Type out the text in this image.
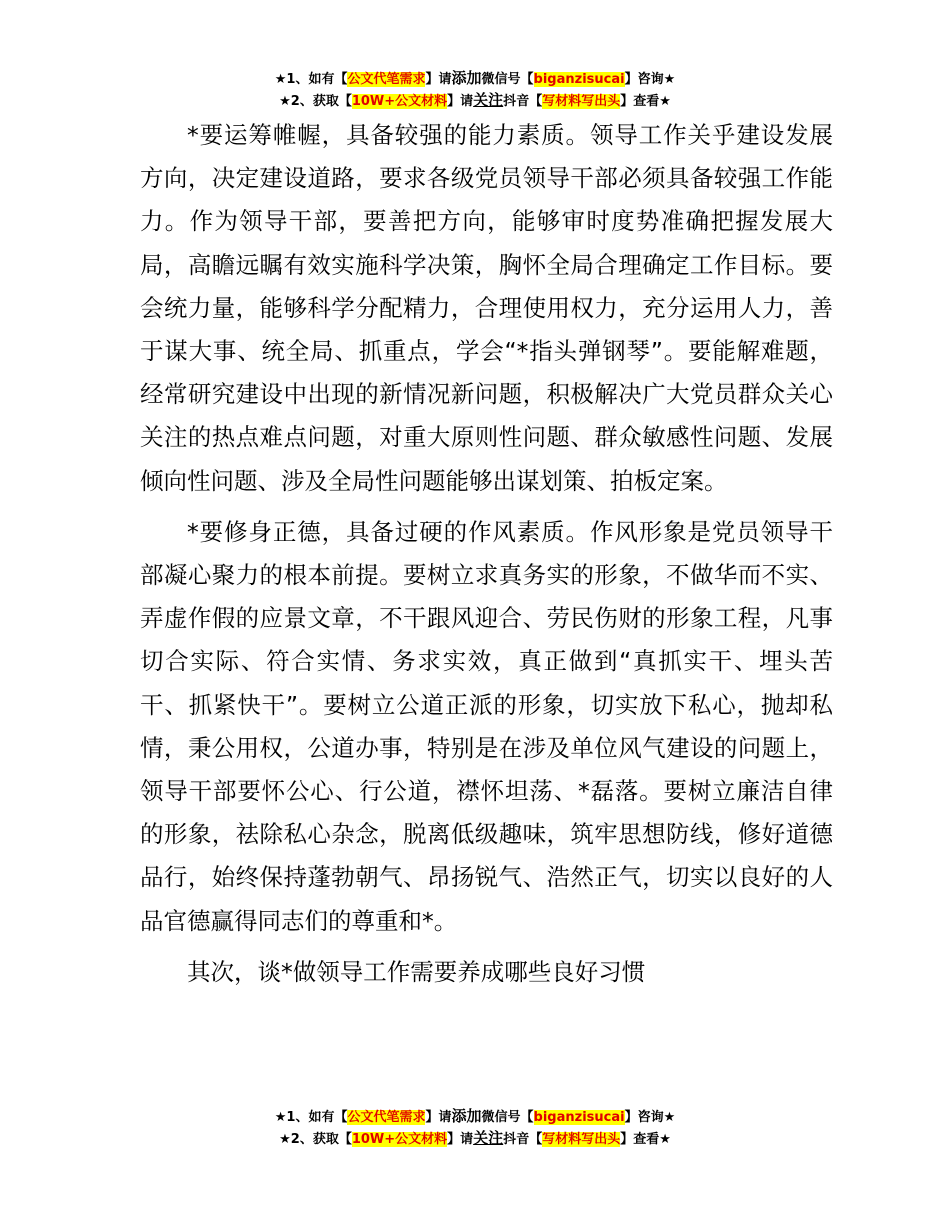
★1、如有【公文代笔需求】请添加微信号【biganzisucai】咨询★
★2、获取【10W+公文材料】请关注抖音【写材料写出头】查看★

*要运筹帷幄，具备较强的能力素质。领导工作关乎建设发展方向，决定建设道路，要求各级党员领导干部必须具备较强工作能力。作为领导干部，要善把方向，能够审时度势准确把握发展大局，高瞻远瞩有效实施科学决策，胸怀全局合理确定工作目标。要会统力量，能够科学分配精力，合理使用权力，充分运用人力，善于谋大事、统全局、抓重点，学会“*指头弹钢琴”。要能解难题，经常研究建设中出现的新情况新问题，积极解决广大党员群众关心关注的热点难点问题，对重大原则性问题、群众敏感性问题、发展倾向性问题、涉及全局性问题能够出谋划策、拍板定案。

*要修身正德，具备过硬的作风素质。作风形象是党员领导干部凝心聚力的根本前提。要树立求真务实的形象，不做华而不实、弄虚作假的应景文章，不干跟风迎合、劳民伤财的形象工程，凡事切合实际、符合实情、务求实效，真正做到“真抓实干、埋头苦干、抓紧快干”。要树立公道正派的形象，切实放下私心，抛却私情，秉公用权，公道办事，特别是在涉及单位风气建设的问题上，领导干部要怀公心、行公道，襟怀坦荡、*磊落。要树立廉洁自律的形象，祛除私心杂念，脱离低级趣味，筑牢思想防线，修好道德品行，始终保持蓬勃朝气、昂扬锐气、浩然正气，切实以良好的人品官德赢得同志们的尊重和*。

其次，谈*做领导工作需要养成哪些良好习惯

★1、如有【公文代笔需求】请添加微信号【biganzisucai】咨询★
★2、获取【10W+公文材料】请关注抖音【写材料写出头】查看★
